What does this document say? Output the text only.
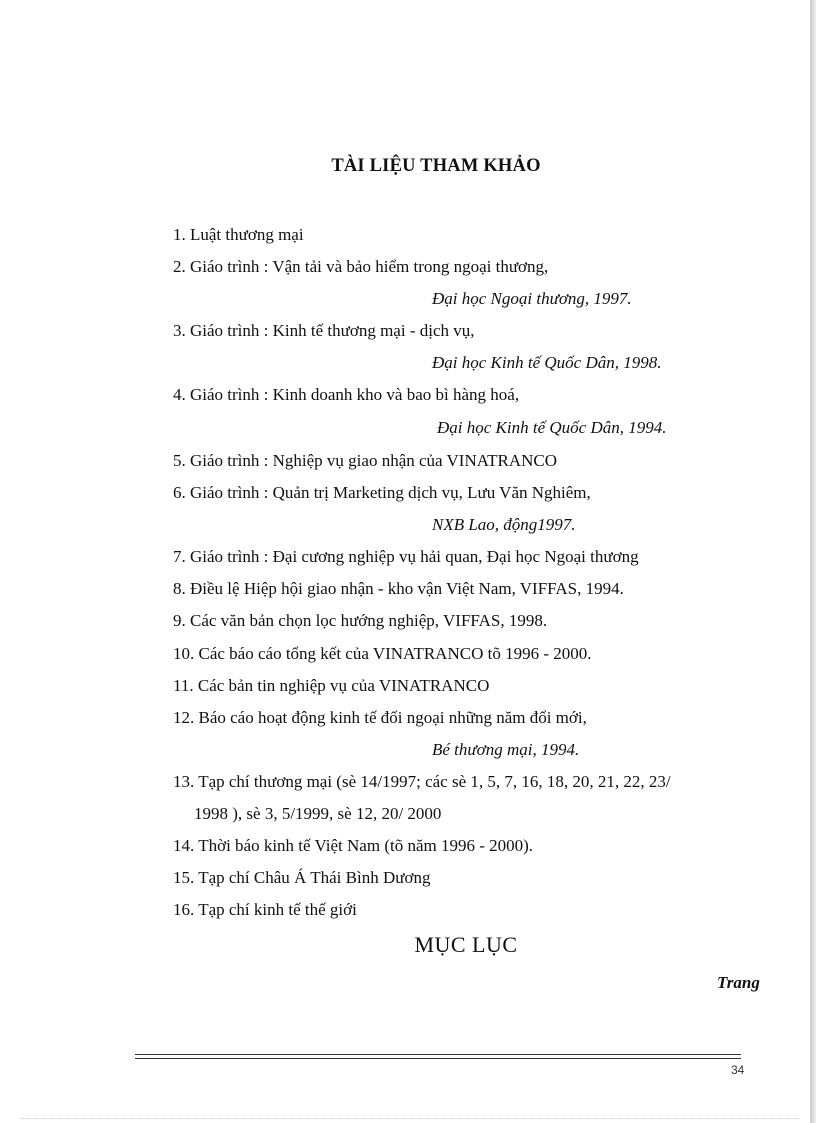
TÀI LIỆU THAM KHẢO
1. Luật thương mại
2. Giáo trình : Vận tải và bảo hiểm trong ngoại thương,
Đại học Ngoại thương, 1997.
3. Giáo trình : Kinh tế thương mại - dịch vụ,
Đại học Kinh tế Quốc Dân, 1998.
4. Giáo trình : Kinh doanh kho và bao bì hàng hoá,
Đại học Kinh tế Quốc Dân, 1994.
5. Giáo trình : Nghiệp vụ giao nhận của VINATRANCO
6. Giáo trình : Quản trị Marketing dịch vụ, Lưu Văn Nghiêm,
NXB Lao, động1997.
7. Giáo trình : Đại cương nghiệp vụ hải quan, Đại học Ngoại thương
8. Điều lệ Hiệp hội giao nhận - kho vận Việt Nam, VIFFAS, 1994.
9. Các văn bản chọn lọc hướng nghiệp, VIFFAS, 1998.
10. Các báo cáo tổng kết của VINATRANCO tõ 1996 - 2000.
11. Các bản tin nghiệp vụ của VINATRANCO
12. Báo cáo hoạt động kinh tế đối ngoại những năm đổi mới,
Bé thương mại, 1994.
13. Tạp chí thương mại (sè 14/1997; các sè 1, 5, 7, 16, 18, 20, 21, 22, 23/
1998 ), sè 3, 5/1999, sè 12, 20/ 2000
14. Thời báo kinh tế Việt Nam (tõ năm 1996 - 2000).
15. Tạp chí Châu Á Thái Bình Dương
16. Tạp chí kinh tế thế giới
MỤC LỤC
Trang
34
